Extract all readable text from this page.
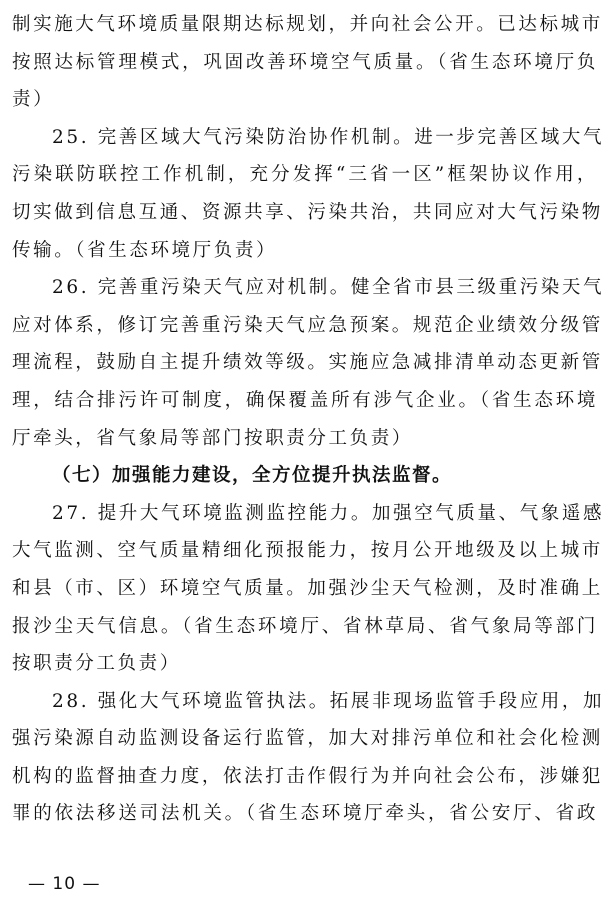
制实施大气环境质量限期达标规划，并向社会公开。已达标城市
按照达标管理模式，巩固改善环境空气质量。（省生态环境厅负
责）
25. 完善区域大气污染防治协作机制。进一步完善区域大气
污染联防联控工作机制，充分发挥“三省一区”框架协议作用，
切实做到信息互通、资源共享、污染共治，共同应对大气污染物
传输。（省生态环境厅负责）
26. 完善重污染天气应对机制。健全省市县三级重污染天气
应对体系，修订完善重污染天气应急预案。规范企业绩效分级管
理流程，鼓励自主提升绩效等级。实施应急减排清单动态更新管
理，结合排污许可制度，确保覆盖所有涉气企业。（省生态环境
厅牵头，省气象局等部门按职责分工负责）
（七）加强能力建设，全方位提升执法监督。
27. 提升大气环境监测监控能力。加强空气质量、气象遥感
大气监测、空气质量精细化预报能力，按月公开地级及以上城市
和县（市、区）环境空气质量。加强沙尘天气检测，及时准确上
报沙尘天气信息。（省生态环境厅、省林草局、省气象局等部门
按职责分工负责）
28. 强化大气环境监管执法。拓展非现场监管手段应用，加
强污染源自动监测设备运行监管，加大对排污单位和社会化检测
机构的监督抽查力度，依法打击作假行为并向社会公布，涉嫌犯
罪的依法移送司法机关。（省生态环境厅牵头，省公安厅、省政
— 10 —
